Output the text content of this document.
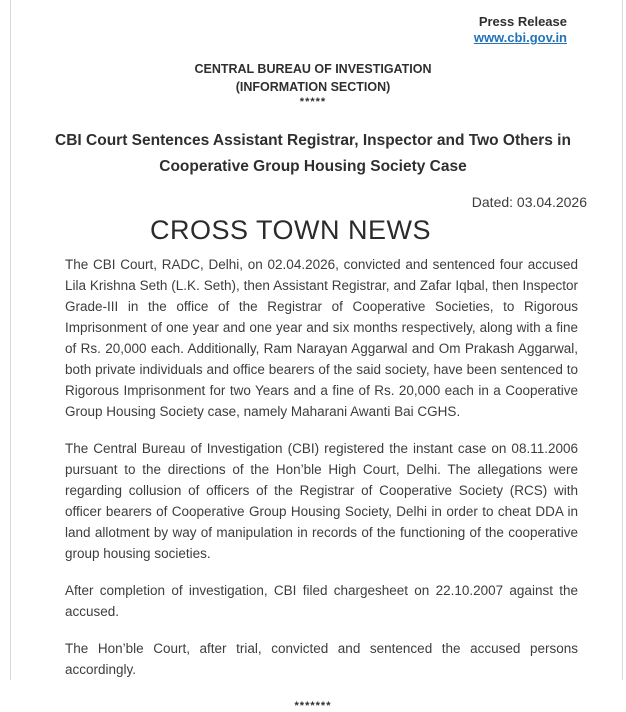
Press Release
www.cbi.gov.in
CENTRAL BUREAU OF INVESTIGATION
(INFORMATION SECTION)
*****
CBI Court Sentences Assistant Registrar, Inspector and Two Others in
Cooperative Group Housing Society Case
Dated: 03.04.2026
CROSS TOWN NEWS

The CBI Court, RADC, Delhi, on 02.04.2026, convicted and sentenced four accused Lila Krishna Seth (L.K. Seth), then Assistant Registrar, and Zafar Iqbal, then Inspector Grade-III in the office of the Registrar of Cooperative Societies, to Rigorous Imprisonment of one year and one year and six months respectively, along with a fine of Rs. 20,000 each. Additionally, Ram Narayan Aggarwal and Om Prakash Aggarwal, both private individuals and office bearers of the said society, have been sentenced to Rigorous Imprisonment for two Years and a fine of Rs. 20,000 each in a Cooperative Group Housing Society case, namely Maharani Awanti Bai CGHS.

The Central Bureau of Investigation (CBI) registered the instant case on 08.11.2006 pursuant to the directions of the Hon’ble High Court, Delhi. The allegations were regarding collusion of officers of the Registrar of Cooperative Society (RCS) with officer bearers of Cooperative Group Housing Society, Delhi in order to cheat DDA in land allotment by way of manipulation in records of the functioning of the cooperative group housing societies.

After completion of investigation, CBI filed chargesheet on 22.10.2007 against the accused.

The Hon’ble Court, after trial, convicted and sentenced the accused persons accordingly.

*******
